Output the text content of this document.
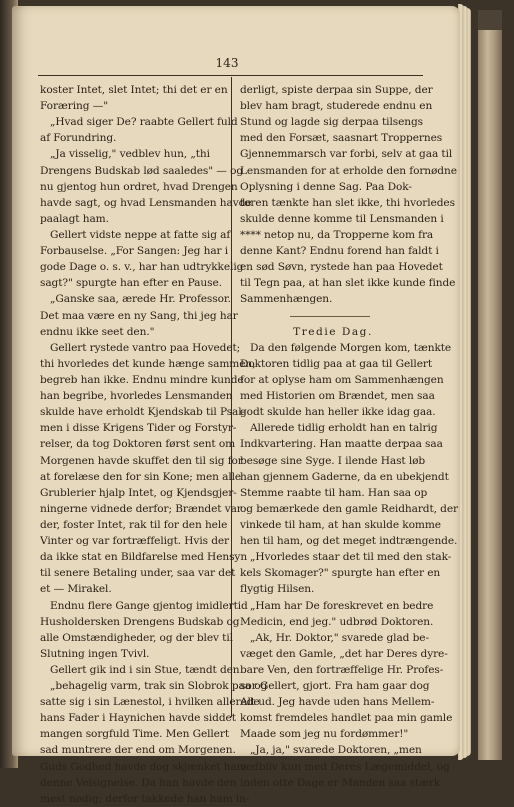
143
koster Intet, slet Intet; thi det er en
Foræring —"
„Hvad siger De? raabte Gellert fuld
af Forundring.
„Ja visselig," vedblev hun, „thi
Drengens Budskab lød saaledes" — og
nu gjentog hun ordret, hvad Drengen
havde sagt, og hvad Lensmanden havde
paalagt ham.
Gellert vidste neppe at fatte sig af
Forbauselse. „For Sangen: Jeg har i
gode Dage o. s. v., har han udtrykkelig
sagt?" spurgte han efter en Pause.
„Ganske saa, ærede Hr. Professor.
Det maa være en ny Sang, thi jeg har
endnu ikke seet den."
Gellert rystede vantro paa Hovedet;
thi hvorledes det kunde hænge sammen,
begreb han ikke. Endnu mindre kunde
han begribe, hvorledes Lensmanden
skulde have erholdt Kjendskab til Psal-
men i disse Krigens Tider og Forstyr-
relser, da tog Doktoren først sent om
Morgenen havde skuffet den til sig for
at forelæse den for sin Kone; men alle
Grublerier hjalp Intet, og Kjendsgjer-
ningerne vidnede derfor; Brændet var
der, foster Intet, rak til for den hele
Vinter og var fortræffeligt. Hvis der
da ikke stat en Bildfarelse med Hensyn
til senere Betaling under, saa var det
et — Mirakel.
Endnu flere Gange gjentog imidlertid
Husholdersken Drengens Budskab og
alle Omstændigheder, og der blev til
Slutning ingen Tvivl.
Gellert gik ind i sin Stue, tændt den
„behagelig varm, trak sin Slobrok paa og
satte sig i sin Lænestol, i hvilken allerede
hans Fader i Haynichen havde siddet
mangen sorgfuld Time. Men Gellert
sad muntrere der end om Morgenen.
Guds Godhed havde dog skjænket ham
denne Velsignelse. Da han havde den
mest nødig; derfor takkede han ham in-
derligt, spiste derpaa sin Suppe, der
blev ham bragt, studerede endnu en
Stund og lagde sig derpaa tilsengs
med den Forsæt, saasnart Troppernes
Gjennemmarsch var forbi, selv at gaa til
Lensmanden for at erholde den fornødne
Oplysning i denne Sag. Paa Dok-
toren tænkte han slet ikke, thi hvorledes
skulde denne komme til Lensmanden i
**** netop nu, da Tropperne kom fra
denne Kant? Endnu forend han faldt i
en sød Søvn, rystede han paa Hovedet
til Tegn paa, at han slet ikke kunde finde
Sammenhængen.
Tredie Dag.
Da den følgende Morgen kom, tænkte
Doktoren tidlig paa at gaa til Gellert
for at oplyse ham om Sammenhængen
med Historien om Brændet, men saa
godt skulde han heller ikke idag gaa.
Allerede tidlig erholdt han en talrig
Indkvartering. Han maatte derpaa saa
besøge sine Syge. I ilende Hast løb
han gjennem Gaderne, da en ubekjendt
Stemme raabte til ham. Han saa op
og bemærkede den gamle Reidhardt, der
vinkede til ham, at han skulde komme
hen til ham, og det meget indtrængende.
„Hvorledes staar det til med den stak-
kels Skomager?" spurgte han efter en
flygtig Hilsen.
„Ham har De foreskrevet en bedre
Medicin, end jeg." udbrød Doktoren.
„Ak, Hr. Doktor," svarede glad be-
væget den Gamle, „det har Deres dyre-
bare Ven, den fortræffelige Hr. Profes-
sor Gellert, gjort. Fra ham gaar dog
Alt ud. Jeg havde uden hans Mellem-
komst fremdeles handlet paa min gamle
Maade som jeg nu fordømmer!"
„Ja, ja," svarede Doktoren, „men
vedbliv kun med Deres Lægemiddel, og
inden otte Dage er Manden saa stærk
